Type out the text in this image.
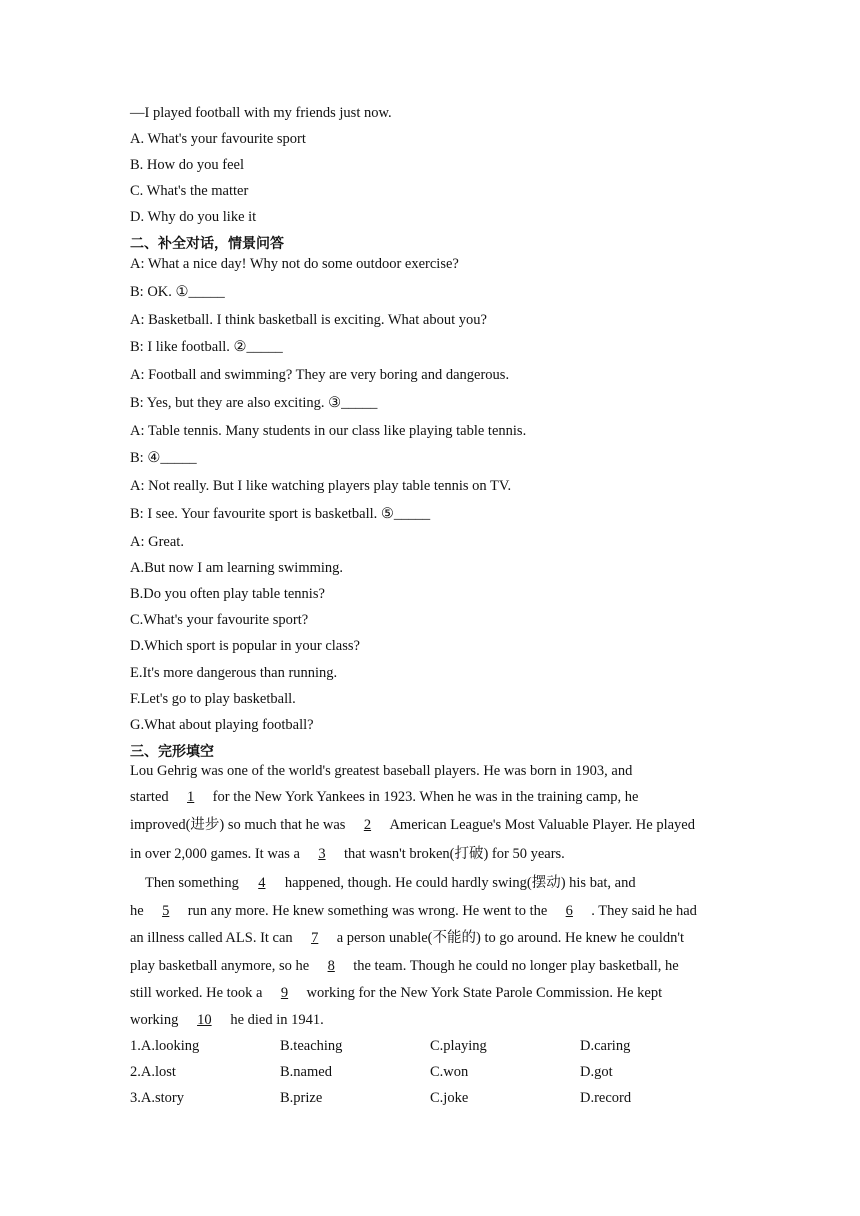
—I played football with my friends just now.
A. What's your favourite sport
B. How do you feel
C. What's the matter
D. Why do you like it
二、补全对话，情景问答
A: What a nice day! Why not do some outdoor exercise?
B: OK. ①_____
A: Basketball. I think basketball is exciting. What about you?
B: I like football. ②_____
A: Football and swimming? They are very boring and dangerous.
B: Yes, but they are also exciting. ③_____
A: Table tennis. Many students in our class like playing table tennis.
B: ④_____
A: Not really. But I like watching players play table tennis on TV.
B: I see. Your favourite sport is basketball. ⑤_____
A: Great.
A.But now I am learning swimming.
B.Do you often play table tennis?
C.What's your favourite sport?
D.Which sport is popular in your class?
E.It's more dangerous than running.
F.Let's go to play basketball.
G.What about playing football?
三、完形填空
Lou Gehrig was one of the world's greatest baseball players. He was born in 1903, and
started 1 for the New York Yankees in 1923. When he was in the training camp, he
improved(进步) so much that he was 2 American League's Most Valuable Player. He played
in over 2,000 games. It was a 3 that wasn't broken(打破) for 50 years.
Then something 4 happened, though. He could hardly swing(摆动) his bat, and
he 5 run any more. He knew something was wrong. He went to the 6 . They said he had
an illness called ALS. It can 7 a person unable(不能的) to go around. He knew he couldn't
play basketball anymore, so he 8 the team. Though he could no longer play basketball, he
still worked. He took a 9 working for the New York State Parole Commission. He kept
working 10 he died in 1941.
1.A.looking	B.teaching	C.playing	D.caring
2.A.lost	B.named	C.won	D.got
3.A.story	B.prize	C.joke	D.record
